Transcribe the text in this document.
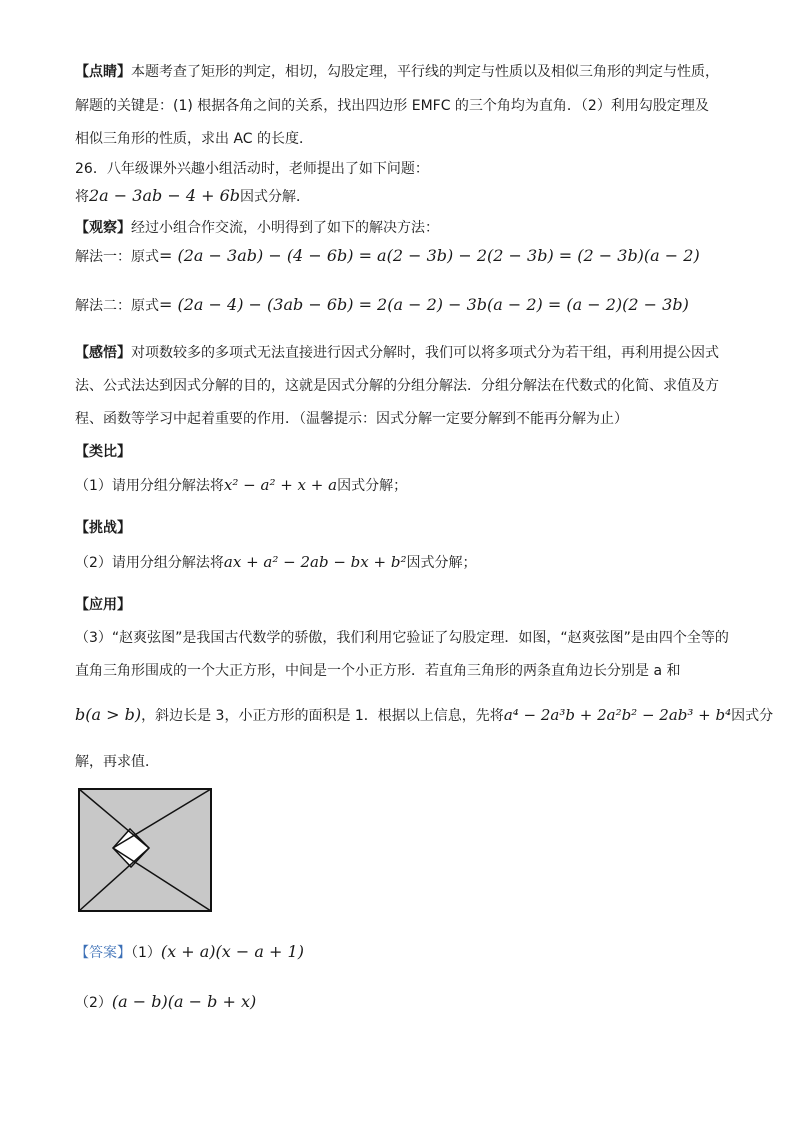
【点睛】本题考查了矩形的判定，相切，勾股定理，平行线的判定与性质以及相似三角形的判定与性质，
解题的关键是：(1) 根据各角之间的关系，找出四边形 EMFC 的三个角均为直角．（2）利用勾股定理及
相似三角形的性质，求出 AC 的长度．
26．八年级课外兴趣小组活动时，老师提出了如下问题：
将2a − 3ab − 4 + 6b因式分解．
【观察】经过小组合作交流，小明得到了如下的解决方法：
解法一：原式= (2a − 3ab) − (4 − 6b) = a(2 − 3b) − 2(2 − 3b) = (2 − 3b)(a − 2)
解法二：原式= (2a − 4) − (3ab − 6b) = 2(a − 2) − 3b(a − 2) = (a − 2)(2 − 3b)
【感悟】对项数较多的多项式无法直接进行因式分解时，我们可以将多项式分为若干组，再利用提公因式
法、公式法达到因式分解的目的，这就是因式分解的分组分解法．分组分解法在代数式的化简、求值及方
程、函数等学习中起着重要的作用．（温馨提示：因式分解一定要分解到不能再分解为止）
【类比】
（1）请用分组分解法将x² − a² + x + a因式分解；
【挑战】
（2）请用分组分解法将ax + a² − 2ab − bx + b²因式分解；
【应用】
（3）“赵爽弦图”是我国古代数学的骄傲，我们利用它验证了勾股定理．如图，“赵爽弦图”是由四个全等的
直角三角形围成的一个大正方形，中间是一个小正方形．若直角三角形的两条直角边长分别是 a 和
b(a > b)，斜边长是 3，小正方形的面积是 1．根据以上信息，先将a⁴ − 2a³b + 2a²b² − 2ab³ + b⁴因式分
解，再求值．
【答案】（1）(x + a)(x − a + 1)
（2）(a − b)(a − b + x)
